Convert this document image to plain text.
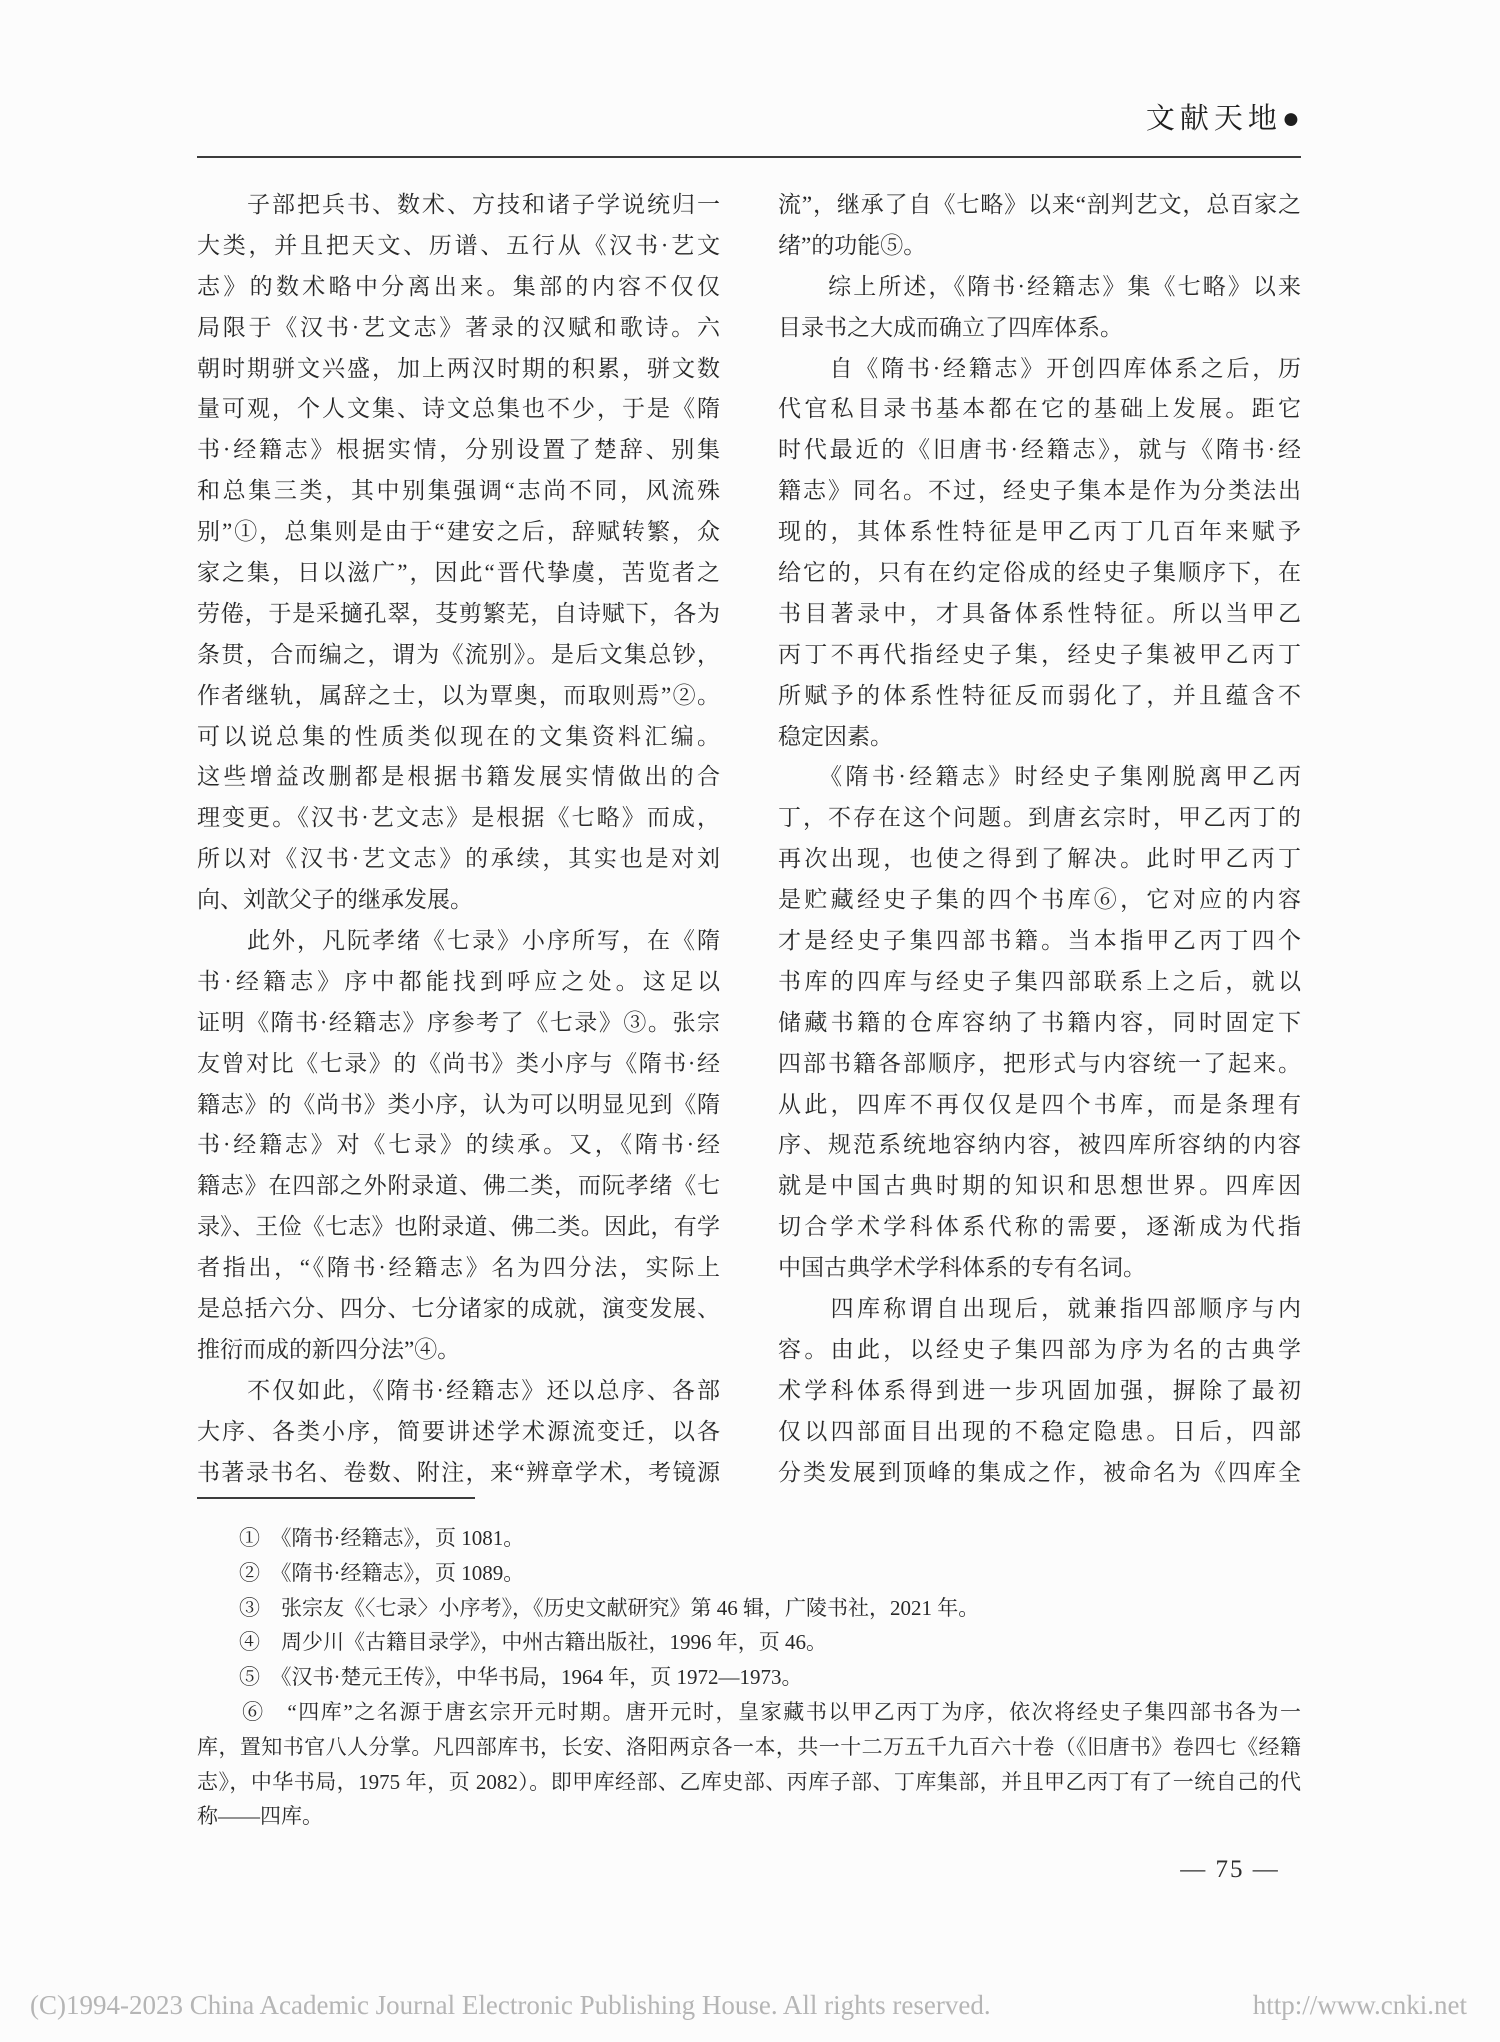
文献天地●
　　子部把兵书、数术、方技和诸子学说统归一
大类，并且把天文、历谱、五行从《汉书·艺文
志》的数术略中分离出来。集部的内容不仅仅
局限于《汉书·艺文志》著录的汉赋和歌诗。六
朝时期骈文兴盛，加上两汉时期的积累，骈文数
量可观，个人文集、诗文总集也不少，于是《隋
书·经籍志》根据实情，分别设置了楚辞、别集
和总集三类，其中别集强调“志尚不同，风流殊
别”①，总集则是由于“建安之后，辞赋转繁，众
家之集，日以滋广”，因此“晋代挚虞，苦览者之
劳倦，于是采擿孔翠，芟剪繁芜，自诗赋下，各为
条贯，合而编之，谓为《流别》。是后文集总钞，
作者继轨，属辞之士，以为覃奥，而取则焉”②。
可以说总集的性质类似现在的文集资料汇编。
这些增益改删都是根据书籍发展实情做出的合
理变更。《汉书·艺文志》是根据《七略》而成，
所以对《汉书·艺文志》的承续，其实也是对刘
向、刘歆父子的继承发展。
　　此外，凡阮孝绪《七录》小序所写，在《隋
书·经籍志》序中都能找到呼应之处。这足以
证明《隋书·经籍志》序参考了《七录》③。张宗
友曾对比《七录》的《尚书》类小序与《隋书·经
籍志》的《尚书》类小序，认为可以明显见到《隋
书·经籍志》对《七录》的续承。又，《隋书·经
籍志》在四部之外附录道、佛二类，而阮孝绪《七
录》、王俭《七志》也附录道、佛二类。因此，有学
者指出，“《隋书·经籍志》名为四分法，实际上
是总括六分、四分、七分诸家的成就，演变发展、
推衍而成的新四分法”④。
　　不仅如此，《隋书·经籍志》还以总序、各部
大序、各类小序，简要讲述学术源流变迁，以各
书著录书名、卷数、附注，来“辨章学术，考镜源
流”，继承了自《七略》以来“剖判艺文，总百家之
绪”的功能⑤。
　　综上所述，《隋书·经籍志》集《七略》以来
目录书之大成而确立了四库体系。
　　自《隋书·经籍志》开创四库体系之后，历
代官私目录书基本都在它的基础上发展。距它
时代最近的《旧唐书·经籍志》，就与《隋书·经
籍志》同名。不过，经史子集本是作为分类法出
现的，其体系性特征是甲乙丙丁几百年来赋予
给它的，只有在约定俗成的经史子集顺序下，在
书目著录中，才具备体系性特征。所以当甲乙
丙丁不再代指经史子集，经史子集被甲乙丙丁
所赋予的体系性特征反而弱化了，并且蕴含不
稳定因素。
　　《隋书·经籍志》时经史子集刚脱离甲乙丙
丁，不存在这个问题。到唐玄宗时，甲乙丙丁的
再次出现，也使之得到了解决。此时甲乙丙丁
是贮藏经史子集的四个书库⑥，它对应的内容
才是经史子集四部书籍。当本指甲乙丙丁四个
书库的四库与经史子集四部联系上之后，就以
储藏书籍的仓库容纳了书籍内容，同时固定下
四部书籍各部顺序，把形式与内容统一了起来。
从此，四库不再仅仅是四个书库，而是条理有
序、规范系统地容纳内容，被四库所容纳的内容
就是中国古典时期的知识和思想世界。四库因
切合学术学科体系代称的需要，逐渐成为代指
中国古典学术学科体系的专有名词。
　　四库称谓自出现后，就兼指四部顺序与内
容。由此，以经史子集四部为序为名的古典学
术学科体系得到进一步巩固加强，摒除了最初
仅以四部面目出现的不稳定隐患。日后，四部
分类发展到顶峰的集成之作，被命名为《四库全
　　①　《隋书·经籍志》，页 1081。
　　②　《隋书·经籍志》，页 1089。
　　③　张宗友《〈七录〉小序考》，《历史文献研究》第 46 辑，广陵书社，2021 年。
　　④　周少川《古籍目录学》，中州古籍出版社，1996 年，页 46。
　　⑤　《汉书·楚元王传》，中华书局，1964 年，页 1972—1973。
　　⑥　“四库”之名源于唐玄宗开元时期。唐开元时，皇家藏书以甲乙丙丁为序，依次将经史子集四部书各为一
库，置知书官八人分掌。凡四部库书，长安、洛阳两京各一本，共一十二万五千九百六十卷（《旧唐书》卷四七《经籍
志》，中华书局，1975 年，页 2082）。即甲库经部、乙库史部、丙库子部、丁库集部，并且甲乙丙丁有了一统自己的代
称——四库。
— 75 —
(C)1994-2023 China Academic Journal Electronic Publishing House. All rights reserved.	http://www.cnki.net
